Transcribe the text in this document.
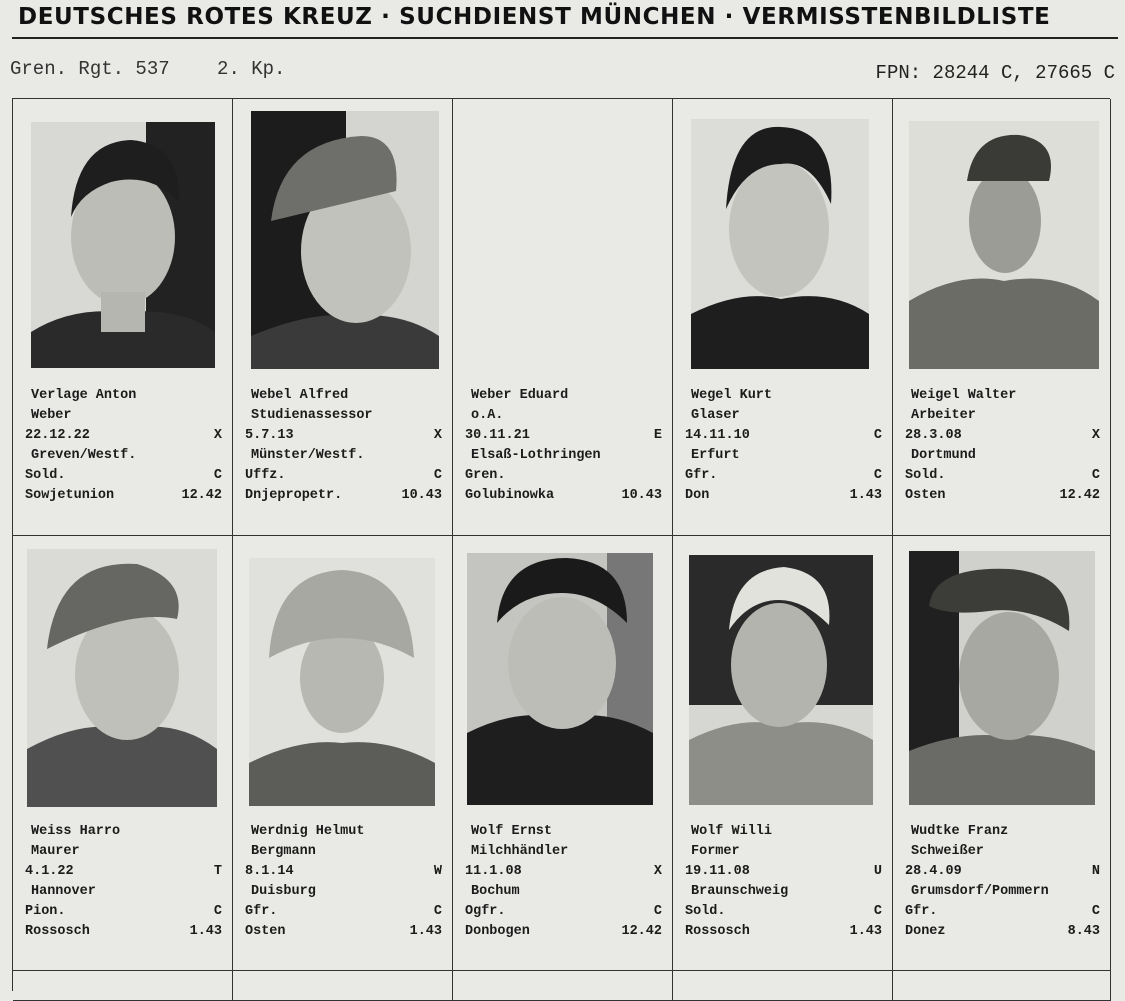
DEUTSCHES ROTES KREUZ · SUCHDIENST MÜNCHEN · VERMISSTENBILDLISTE
Gren. Rgt. 537 2. Kp.	FPN: 28244 C, 27665 C
Verlage Anton
Weber
22.12.22	X
Greven/Westf.
Sold.	C
Sowjetunion	12.42
Webel Alfred
Studienassessor
5.7.13	X
Münster/Westf.
Uffz.	C
Dnjepropetr.	10.43
Weber Eduard
o.A.
30.11.21	E
Elsaß-Lothringen
Gren.
Golubinowka	10.43
Wegel Kurt
Glaser
14.11.10	C
Erfurt
Gfr.	C
Don	1.43
Weigel Walter
Arbeiter
28.3.08	X
Dortmund
Sold.	C
Osten	12.42
Weiss Harro
Maurer
4.1.22	T
Hannover
Pion.	C
Rossosch	1.43
Werdnig Helmut
Bergmann
8.1.14	W
Duisburg
Gfr.	C
Osten	1.43
Wolf Ernst
Milchhändler
11.1.08	X
Bochum
Ogfr.	C
Donbogen	12.42
Wolf Willi
Former
19.11.08	U
Braunschweig
Sold.	C
Rossosch	1.43
Wudtke Franz
Schweißer
28.4.09	N
Grumsdorf/Pommern
Gfr.	C
Donez	8.43
